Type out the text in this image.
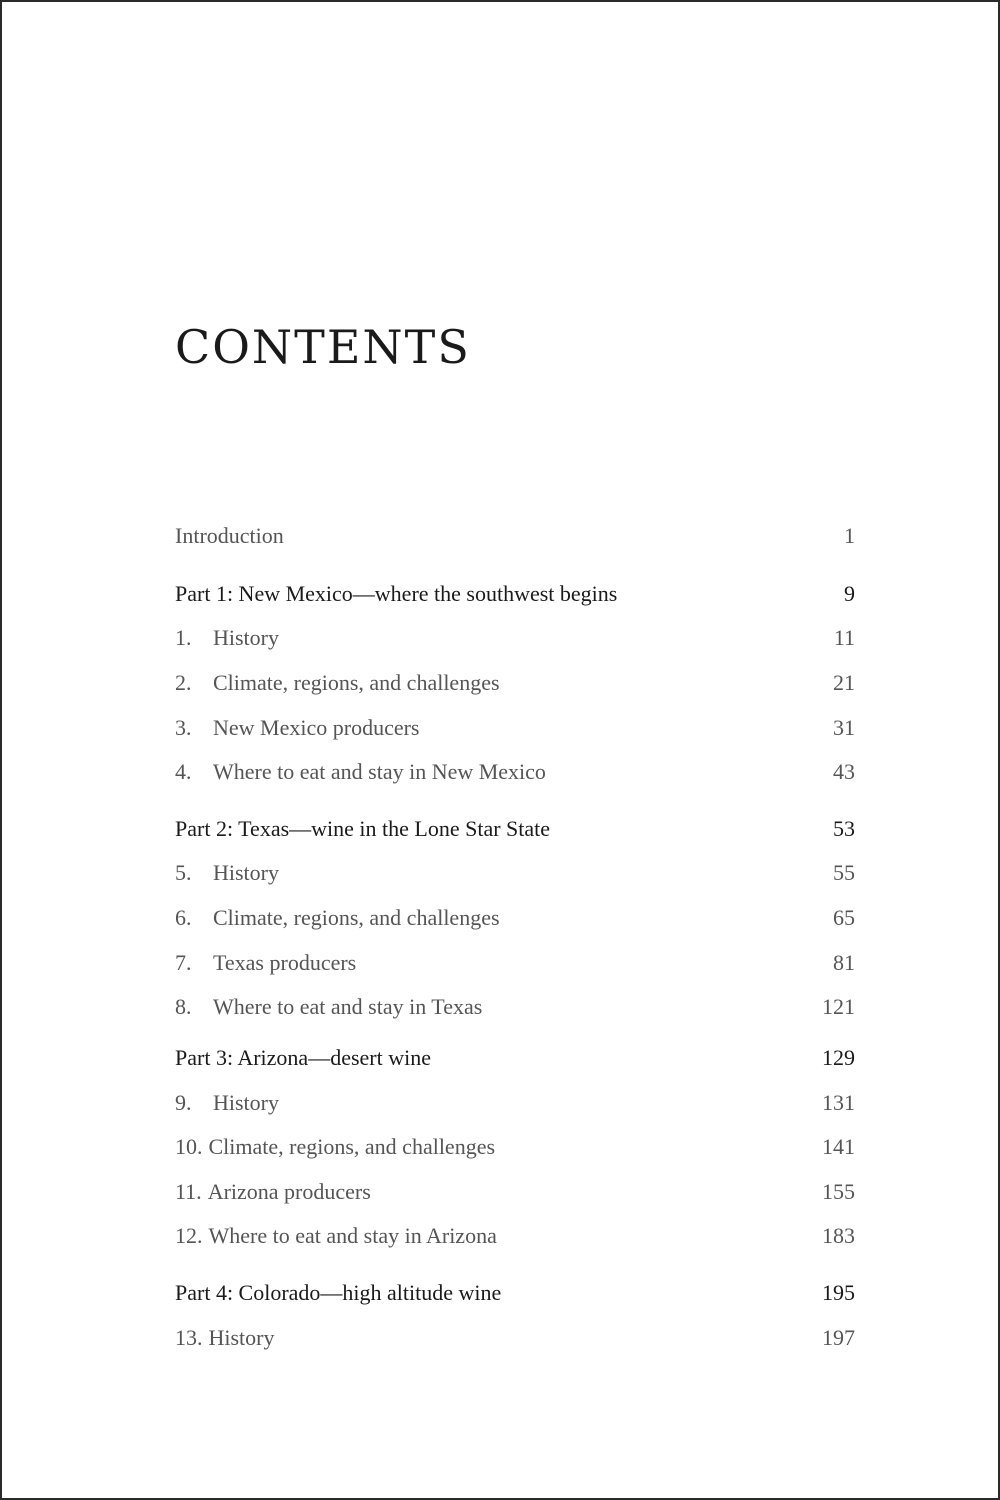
CONTENTS
Introduction	1
Part 1: New Mexico—where the southwest begins	9
1. History	11
2. Climate, regions, and challenges	21
3. New Mexico producers	31
4. Where to eat and stay in New Mexico	43
Part 2: Texas—wine in the Lone Star State	53
5. History	55
6. Climate, regions, and challenges	65
7. Texas producers	81
8. Where to eat and stay in Texas	121
Part 3: Arizona—desert wine	129
9. History	131
10. Climate, regions, and challenges	141
11. Arizona producers	155
12. Where to eat and stay in Arizona	183
Part 4: Colorado—high altitude wine	195
13. History	197
